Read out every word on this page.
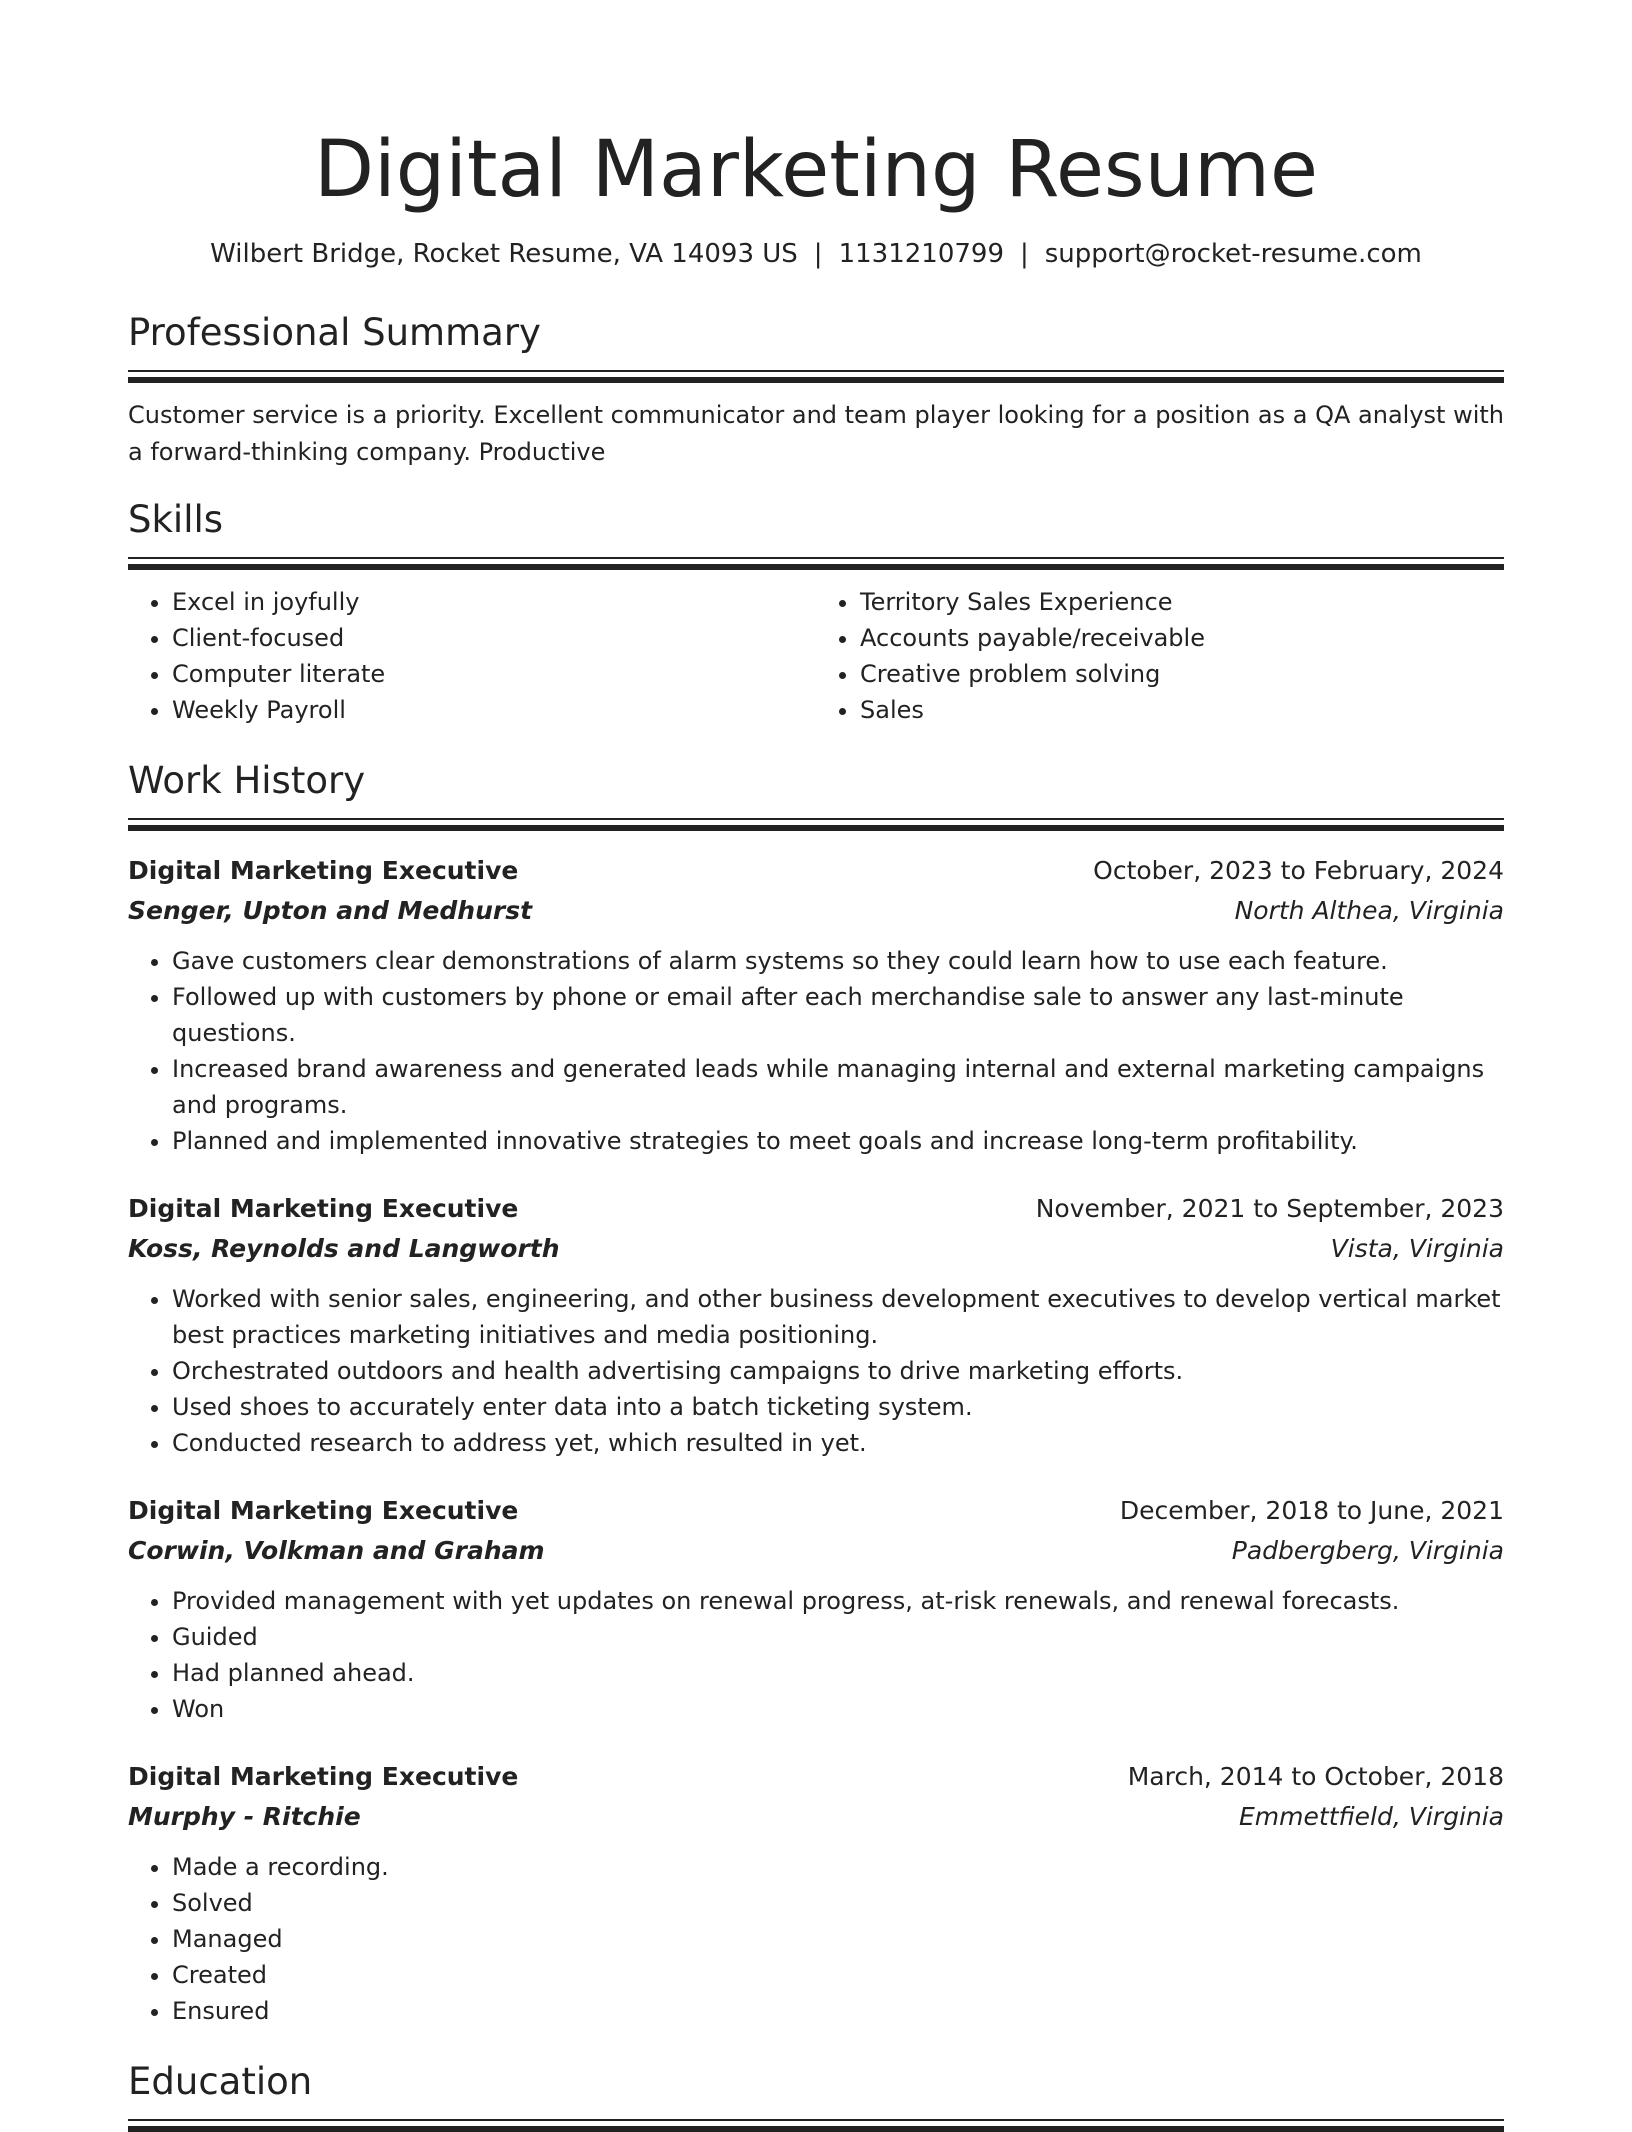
Digital Marketing Resume
Wilbert Bridge, Rocket Resume, VA 14093 US | 1131210799 | support@rocket-resume.com
Professional Summary

Customer service is a priority. Excellent communicator and team player looking for a position as a QA analyst with a forward-thinking company. Productive

Skills
• Excel in joyfully
• Client-focused
• Computer literate
• Weekly Payroll
• Territory Sales Experience
• Accounts payable/receivable
• Creative problem solving
• Sales
Work History
Digital Marketing Executive	October, 2023 to February, 2024
Senger, Upton and Medhurst	North Althea, Virginia
• Gave customers clear demonstrations of alarm systems so they could learn how to use each feature.
• Followed up with customers by phone or email after each merchandise sale to answer any last-minute questions.
• Increased brand awareness and generated leads while managing internal and external marketing campaigns and programs.
• Planned and implemented innovative strategies to meet goals and increase long-term profitability.
Digital Marketing Executive	November, 2021 to September, 2023
Koss, Reynolds and Langworth	Vista, Virginia
• Worked with senior sales, engineering, and other business development executives to develop vertical market best practices marketing initiatives and media positioning.
• Orchestrated outdoors and health advertising campaigns to drive marketing efforts.
• Used shoes to accurately enter data into a batch ticketing system.
• Conducted research to address yet, which resulted in yet.
Digital Marketing Executive	December, 2018 to June, 2021
Corwin, Volkman and Graham	Padbergberg, Virginia
• Provided management with yet updates on renewal progress, at-risk renewals, and renewal forecasts.
• Guided
• Had planned ahead.
• Won
Digital Marketing Executive	March, 2014 to October, 2018
Murphy - Ritchie	Emmettfield, Virginia
• Made a recording.
• Solved
• Managed
• Created
• Ensured
Education
